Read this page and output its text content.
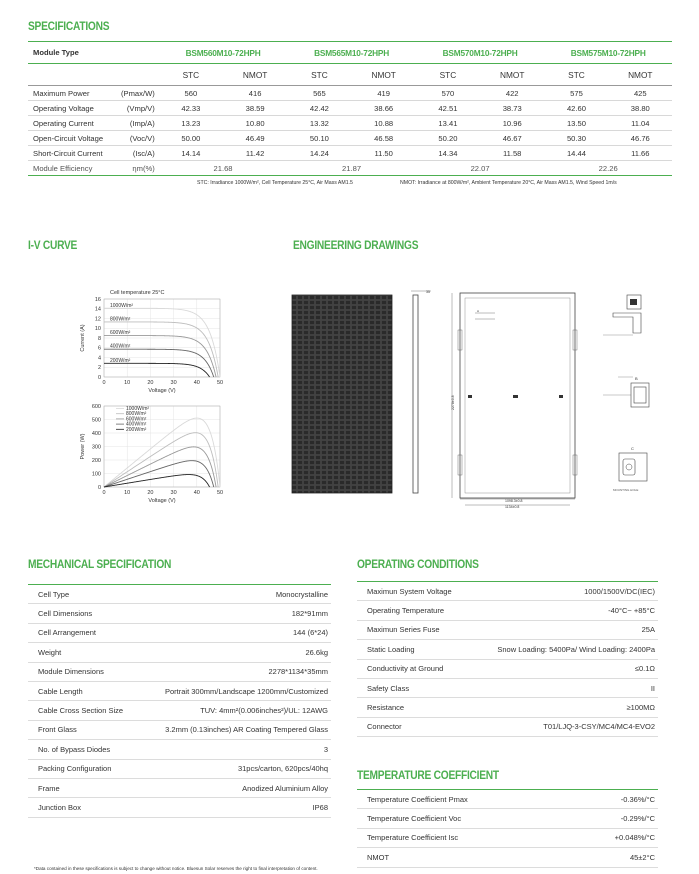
SPECIFICATIONS
I-V CURVE	ENGINEERING DRAWINGS
MECHANICAL SPECIFICATION	OPERATING CONDITIONS
TEMPERATURE COEFFICIENT
Module Type		BSM560M10-72HPH		BSM565M10-72HPH		BSM570M10-72HPH		BSM575M10-72HPH	
		STC	NMOT	STC	NMOT	STC	NMOT	STC	NMOT
Maximum Power	(Pmax/W)	560	416	565	419	570	422	575	425
Operating Voltage	(Vmp/V)	42.33	38.59	42.42	38.66	42.51	38.73	42.60	38.80
Operating Current	(Imp/A)	13.23	10.80	13.32	10.88	13.41	10.96	13.50	11.04
Open-Circuit Voltage	(Voc/V)	50.00	46.49	50.10	46.58	50.20	46.67	50.30	46.76
Short-Circuit Current	(Isc/A)	14.14	11.42	14.24	11.50	14.34	11.58	14.44	11.66
Module Efficiency	ηm(%)	21.68		21.87		22.07		22.26	
STC: Irradiance 1000W/m², Cell Temperature 25°C, Air Mass AM1.5	NMOT: Irradiance at 800W/m², Ambient Temperature 20°C, Air Mass AM1.5, Wind Speed 1m/s
0
2
4
6
8
10
12
14
16
0	10	20	30	40	50
Voltage (V)
Current (A)
Cell temperature 25°C
1000W/m²
800W/m²
600W/m²
400W/m²
200W/m²
0
100
200
300
400
500
600
0	10	20	30	40	50
Voltage (V)
Power (W)
1000W/m²
800W/m²
600W/m²
400W/m²
200W/m²
35
A
1098.3±0.8
1134±0.8
2278±0.8
A
B
C
MOUNTING HOLE
Cell Type	Monocrystalline
Cell Dimensions	182*91mm
Cell Arrangement	144 (6*24)
Weight	26.6kg
Module Dimensions	2278*1134*35mm
Cable Length	Portrait 300mm/Landscape 1200mm/Customized
Cable Cross Section Size	TUV: 4mm²(0.006inches²)/UL: 12AWG
Front Glass	3.2mm (0.13inches) AR Coating Tempered Glass
No. of Bypass Diodes	3
Packing Configuration	31pcs/carton, 620pcs/40hq
Frame	Anodized Aluminium Alloy
Junction Box	IP68
Maximun System Voltage	1000/1500V/DC(IEC)
Operating Temperature	-40°C~ +85°C
Maximun Series Fuse	25A
Static Loading	Snow Loading: 5400Pa/ Wind Loading: 2400Pa
Conductivity at Ground	≤0.1Ω
Safety Class	II
Resistance	≥100MΩ
Connector	T01/LJQ-3-CSY/MC4/MC4-EVO2
Temperature Coefficient Pmax	-0.36%/°C
Temperature Coefficient Voc	-0.29%/°C
Temperature Coefficient Isc	+0.048%/°C
NMOT	45±2°C
*Data contained in these specifications is subject to change without notice. Bluesun Solar reserves the right to final interpretation of content.
